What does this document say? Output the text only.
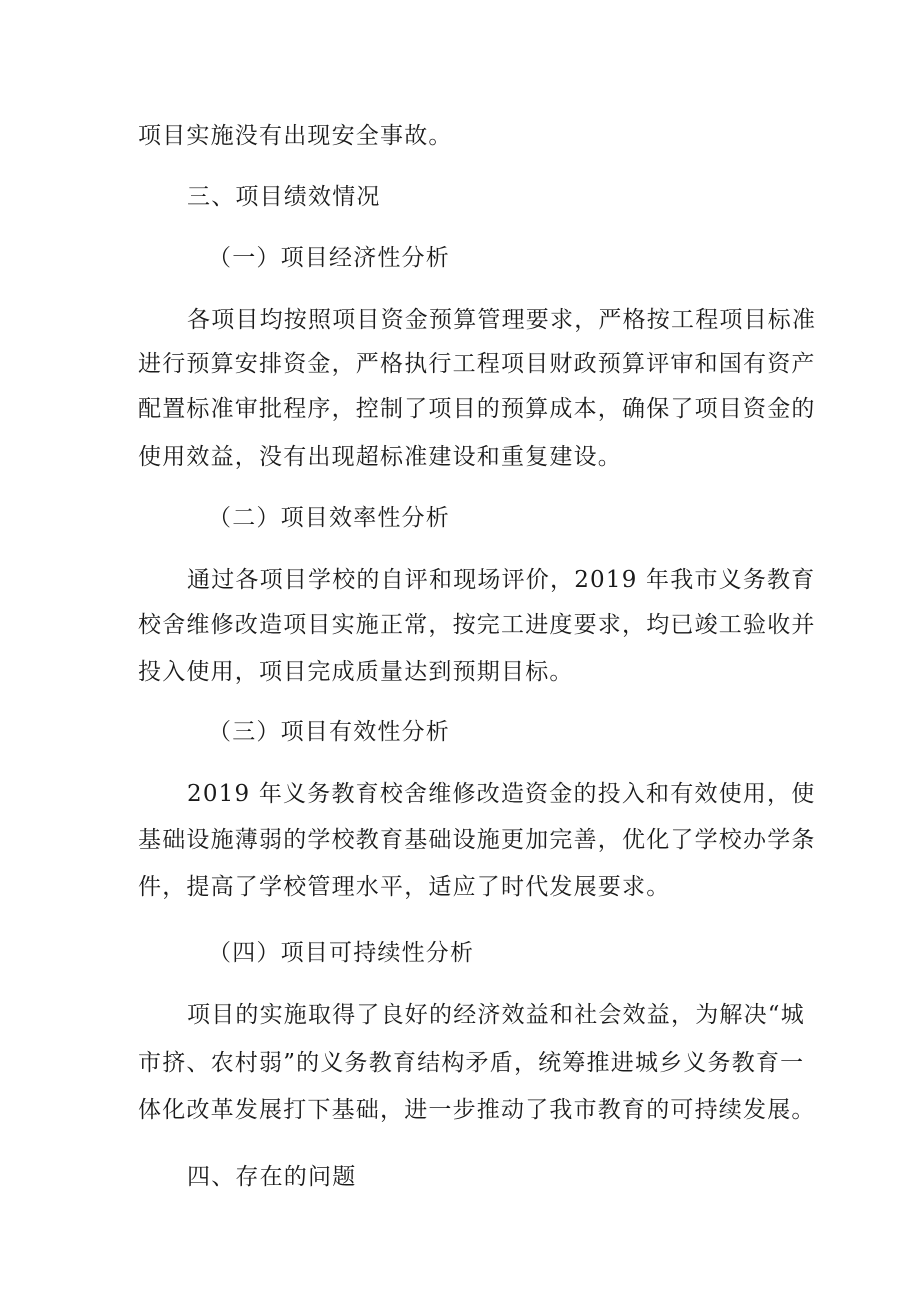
项目实施没有出现安全事故。
三、项目绩效情况
（一）项目经济性分析
各项目均按照项目资金预算管理要求，严格按工程项目标准
进行预算安排资金，严格执行工程项目财政预算评审和国有资产
配置标准审批程序，控制了项目的预算成本，确保了项目资金的
使用效益，没有出现超标准建设和重复建设。
（二）项目效率性分析
通过各项目学校的自评和现场评价，2019 年我市义务教育
校舍维修改造项目实施正常，按完工进度要求，均已竣工验收并
投入使用，项目完成质量达到预期目标。
（三）项目有效性分析
2019 年义务教育校舍维修改造资金的投入和有效使用，使
基础设施薄弱的学校教育基础设施更加完善，优化了学校办学条
件，提高了学校管理水平，适应了时代发展要求。
（四）项目可持续性分析
项目的实施取得了良好的经济效益和社会效益，为解决“城
市挤、农村弱”的义务教育结构矛盾，统筹推进城乡义务教育一
体化改革发展打下基础，进一步推动了我市教育的可持续发展。
四、存在的问题
